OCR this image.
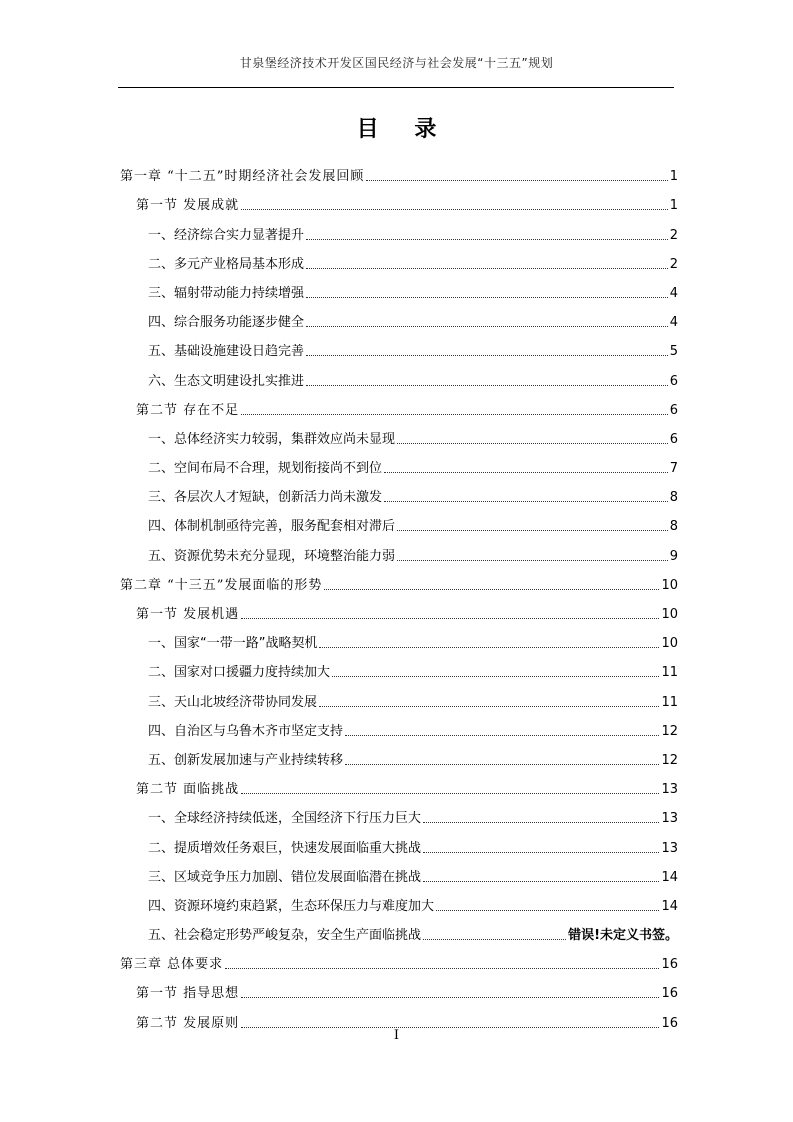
甘泉堡经济技术开发区国民经济与社会发展“十三五”规划
目 录
第一章 “十二五”时期经济社会发展回顾	1
第一节 发展成就	1
一、经济综合实力显著提升	2
二、多元产业格局基本形成	2
三、辐射带动能力持续增强	4
四、综合服务功能逐步健全	4
五、基础设施建设日趋完善	5
六、生态文明建设扎实推进	6
第二节 存在不足	6
一、总体经济实力较弱，集群效应尚未显现	6
二、空间布局不合理，规划衔接尚不到位	7
三、各层次人才短缺，创新活力尚未激发	8
四、体制机制亟待完善，服务配套相对滞后	8
五、资源优势未充分显现，环境整治能力弱	9
第二章 “十三五”发展面临的形势	10
第一节 发展机遇	10
一、国家“一带一路”战略契机	10
二、国家对口援疆力度持续加大	11
三、天山北坡经济带协同发展	11
四、自治区与乌鲁木齐市坚定支持	12
五、创新发展加速与产业持续转移	12
第二节 面临挑战	13
一、全球经济持续低迷，全国经济下行压力巨大	13
二、提质增效任务艰巨，快速发展面临重大挑战	13
三、区域竞争压力加剧、错位发展面临潜在挑战	14
四、资源环境约束趋紧，生态环保压力与难度加大	14
五、社会稳定形势严峻复杂，安全生产面临挑战	错误!未定义书签。
第三章 总体要求	16
第一节 指导思想	16
第二节 发展原则	16
I
